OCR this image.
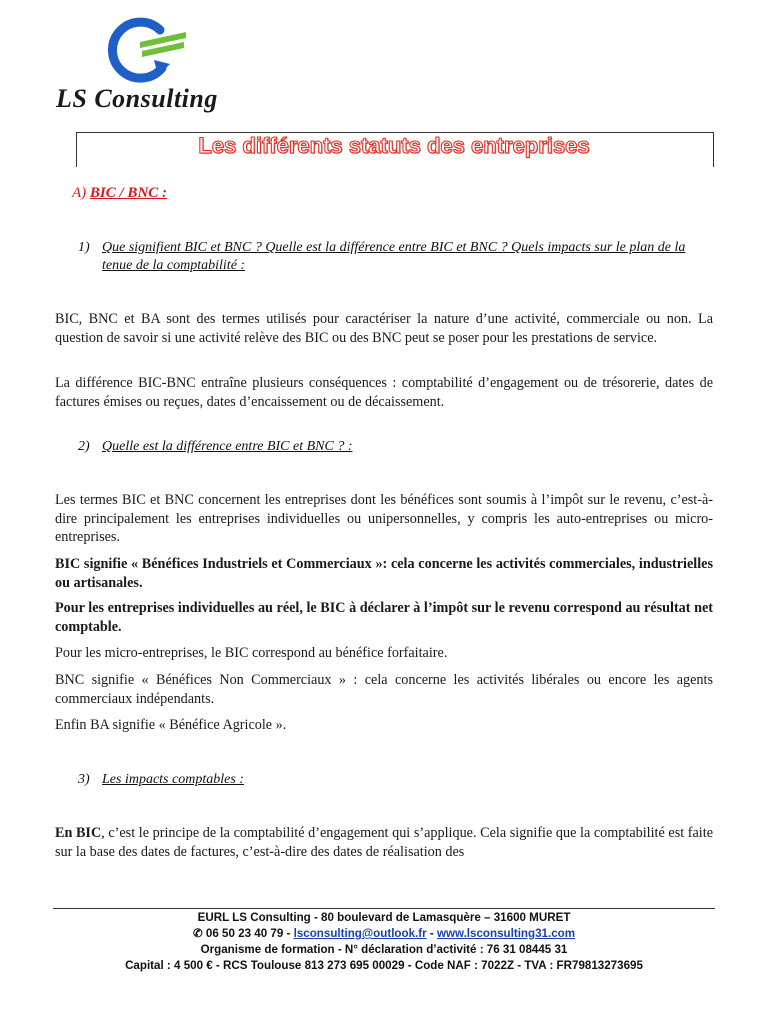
LS Consulting
Les différents statuts des entreprises
A) BIC / BNC :
1) Que signifient BIC et BNC ? Quelle est la différence entre BIC et BNC ? Quels impacts sur le plan de la tenue de la comptabilité :
BIC, BNC et BA sont des termes utilisés pour caractériser la nature d’une activité, commerciale ou non. La question de savoir si une activité relève des BIC ou des BNC peut se poser pour les prestations de service.
La différence BIC-BNC entraîne plusieurs conséquences : comptabilité d’engagement ou de trésorerie, dates de factures émises ou reçues, dates d’encaissement ou de décaissement.
2) Quelle est la différence entre BIC et BNC ? :
Les termes BIC et BNC concernent les entreprises dont les bénéfices sont soumis à l’impôt sur le revenu, c’est-à-dire principalement les entreprises individuelles ou unipersonnelles, y compris les auto-entreprises ou micro-entreprises.
BIC signifie « Bénéfices Industriels et Commerciaux »: cela concerne les activités commerciales, industrielles ou artisanales.
Pour les entreprises individuelles au réel, le BIC à déclarer à l’impôt sur le revenu correspond au résultat net comptable.
Pour les micro-entreprises, le BIC correspond au bénéfice forfaitaire.
BNC signifie « Bénéfices Non Commerciaux » : cela concerne les activités libérales ou encore les agents commerciaux indépendants.
Enfin BA signifie « Bénéfice Agricole ».
3) Les impacts comptables :
En BIC, c’est le principe de la comptabilité d’engagement qui s’applique. Cela signifie que la comptabilité est faite sur la base des dates de factures, c’est-à-dire des dates de réalisation des
EURL LS Consulting - 80 boulevard de Lamasquère – 31600 MURET
✆ 06 50 23 40 79 - lsconsulting@outlook.fr - www.lsconsulting31.com
Organisme de formation - N° déclaration d’activité : 76 31 08445 31
Capital : 4 500 € - RCS Toulouse 813 273 695 00029 - Code NAF : 7022Z - TVA : FR79813273695
